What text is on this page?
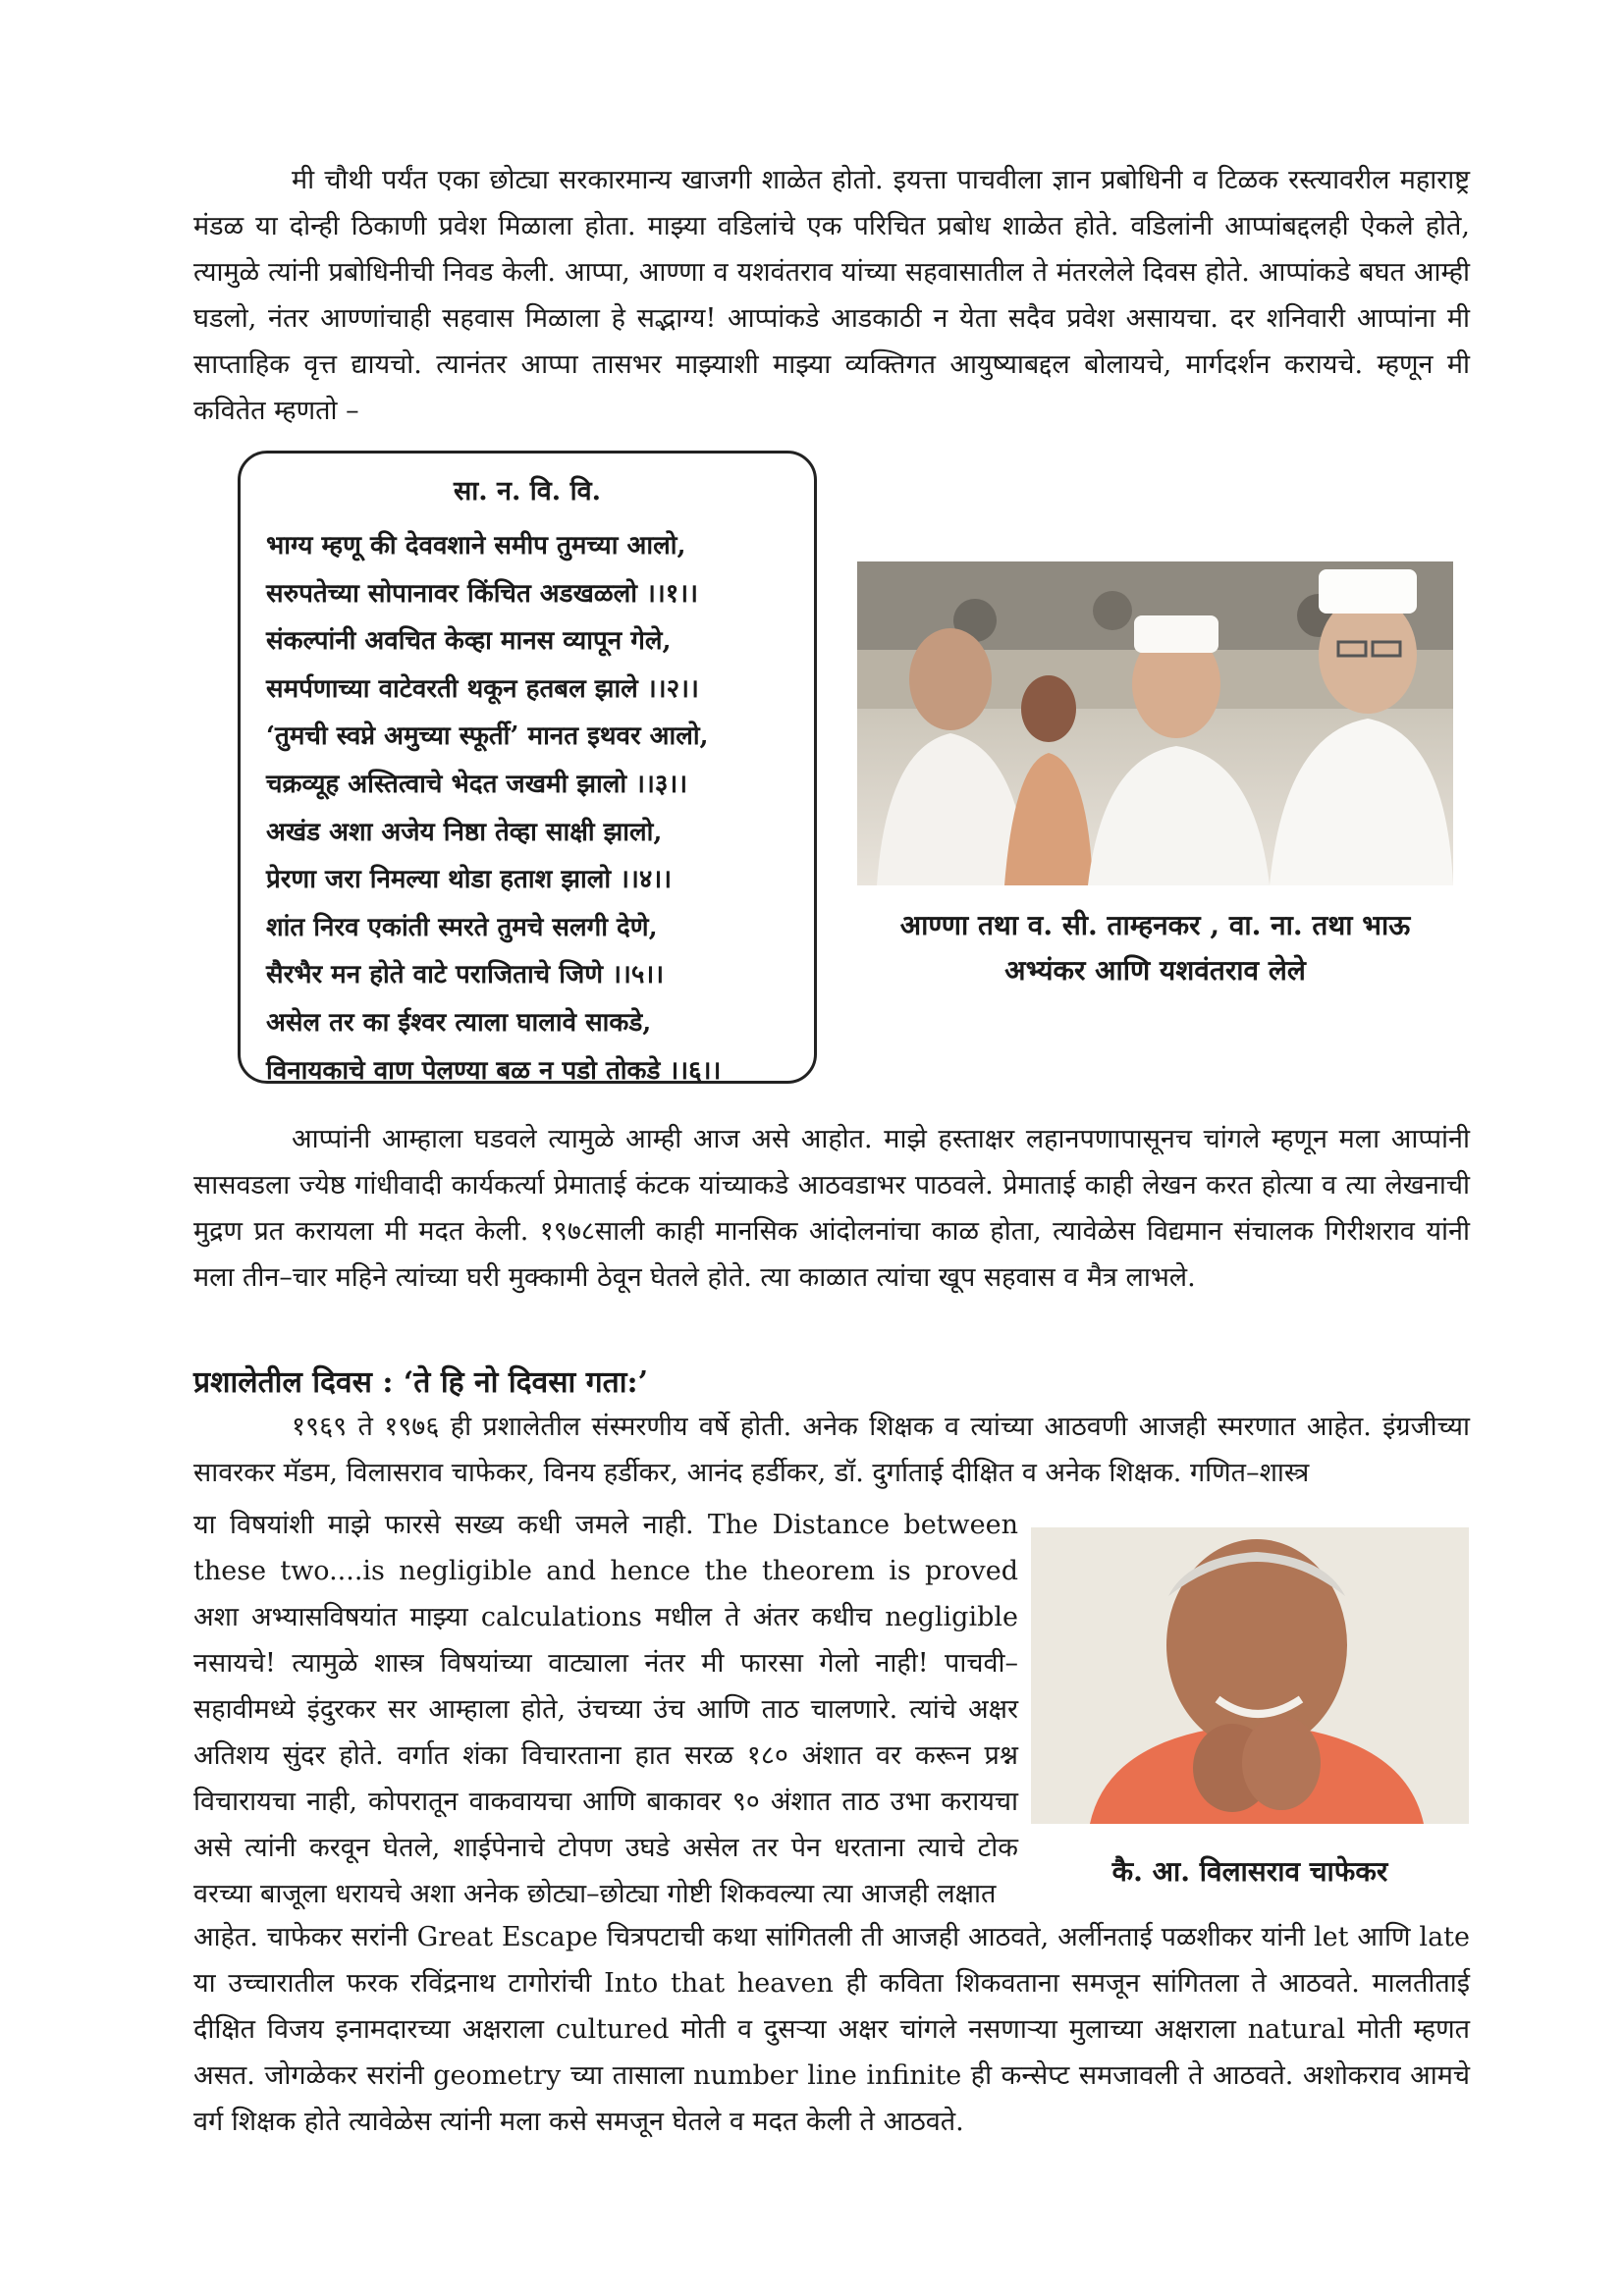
मी चौथी पर्यंत एका छोट्या सरकारमान्य खाजगी शाळेत होतो. इयत्ता पाचवीला ज्ञान प्रबोधिनी व टिळक रस्त्यावरील महाराष्ट्र मंडळ या दोन्ही ठिकाणी प्रवेश मिळाला होता. माझ्या वडिलांचे एक परिचित प्रबोध शाळेत होते. वडिलांनी आप्पांबद्दलही ऐकले होते, त्यामुळे त्यांनी प्रबोधिनीची निवड केली. आप्पा, आण्णा व यशवंतराव यांच्या सहवासातील ते मंतरलेले दिवस होते. आप्पांकडे बघत आम्ही घडलो, नंतर आण्णांचाही सहवास मिळाला हे सद्भाग्य! आप्पांकडे आडकाठी न येता सदैव प्रवेश असायचा. दर शनिवारी आप्पांना मी साप्ताहिक वृत्त द्यायचो. त्यानंतर आप्पा तासभर माझ्याशी माझ्या व्यक्तिगत आयुष्याबद्दल बोलायचे, मार्गदर्शन करायचे. म्हणून मी कवितेत म्हणतो –
सा. न. वि. वि.
भाग्य म्हणू की देववशाने समीप तुमच्या आलो,
सरुपतेच्या सोपानावर किंचित अडखळलो ।।१।।
संकल्पांनी अवचित केव्हा मानस व्यापून गेले,
समर्पणाच्या वाटेवरती थकून हतबल झाले ।।२।।
‘तुमची स्वप्ने अमुच्या स्फूर्ती’ मानत इथवर आलो,
चक्रव्यूह अस्तित्वाचे भेदत जखमी झालो ।।३।।
अखंड अशा अजेय निष्ठा तेव्हा साक्षी झालो,
प्रेरणा जरा निमल्या थोडा हताश झालो ।।४।।
शांत निरव एकांती स्मरते तुमचे सलगी देणे,
सैरभैर मन होते वाटे पराजिताचे जिणे ।।५।।
असेल तर का ईश्वर त्याला घालावे साकडे,
विनायकाचे वाण पेलण्या बळ न पडो तोकडे ।।६।।
आण्णा तथा व. सी. ताम्हनकर , वा. ना. तथा भाऊ
अभ्यंकर आणि यशवंतराव लेले
आप्पांनी आम्हाला घडवले त्यामुळे आम्ही आज असे आहोत. माझे हस्ताक्षर लहानपणापासूनच चांगले म्हणून मला आप्पांनी सासवडला ज्येष्ठ गांधीवादी कार्यकर्त्या प्रेमाताई कंटक यांच्याकडे आठवडाभर पाठवले. प्रेमाताई काही लेखन करत होत्या व त्या लेखनाची मुद्रण प्रत करायला मी मदत केली. १९७८साली काही मानसिक आंदोलनांचा काळ होता, त्यावेळेस विद्यमान संचालक गिरीशराव यांनी मला तीन–चार महिने त्यांच्या घरी मुक्कामी ठेवून घेतले होते. त्या काळात त्यांचा खूप सहवास व मैत्र लाभले.
प्रशालेतील दिवस : ‘ते हि नो दिवसा गता:’
१९६९ ते १९७६ ही प्रशालेतील संस्मरणीय वर्षे होती. अनेक शिक्षक व त्यांच्या आठवणी आजही स्मरणात आहेत. इंग्रजीच्या सावरकर मॅडम, विलासराव चाफेकर, विनय हर्डीकर, आनंद हर्डीकर, डॉ. दुर्गाताई दीक्षित व अनेक शिक्षक. गणित–शास्त्र
या विषयांशी माझे फारसे सख्य कधी जमले नाही. The Distance between these two....is negligible and hence the theorem is proved अशा अभ्यासविषयांत माझ्या calculations मधील ते अंतर कधीच negligible नसायचे! त्यामुळे शास्त्र विषयांच्या वाट्याला नंतर मी फारसा गेलो नाही! पाचवी–सहावीमध्ये इंदुरकर सर आम्हाला होते, उंचच्या उंच आणि ताठ चालणारे. त्यांचे अक्षर अतिशय सुंदर होते. वर्गात शंका विचारताना हात सरळ १८० अंशात वर करून प्रश्न विचारायचा नाही, कोपरातून वाकवायचा आणि बाकावर ९० अंशात ताठ उभा करायचा असे त्यांनी करवून घेतले, शाईपेनाचे टोपण उघडे असेल तर पेन धरताना त्याचे टोक वरच्या बाजूला धरायचे अशा अनेक छोट्या–छोट्या गोष्टी शिकवल्या त्या आजही लक्षात
कै. आ. विलासराव चाफेकर
आहेत. चाफेकर सरांनी Great Escape चित्रपटाची कथा सांगितली ती आजही आठवते, अर्लीनताई पळशीकर यांनी let आणि late या उच्चारातील फरक रविंद्रनाथ टागोरांची Into that heaven ही कविता शिकवताना समजून सांगितला ते आठवते. मालतीताई दीक्षित विजय इनामदारच्या अक्षराला cultured मोती व दुसऱ्या अक्षर चांगले नसणाऱ्या मुलाच्या अक्षराला natural मोती म्हणत असत. जोगळेकर सरांनी geometry च्या तासाला number line infinite ही कन्सेप्ट समजावली ते आठवते. अशोकराव आमचे वर्ग शिक्षक होते त्यावेळेस त्यांनी मला कसे समजून घेतले व मदत केली ते आठवते.
